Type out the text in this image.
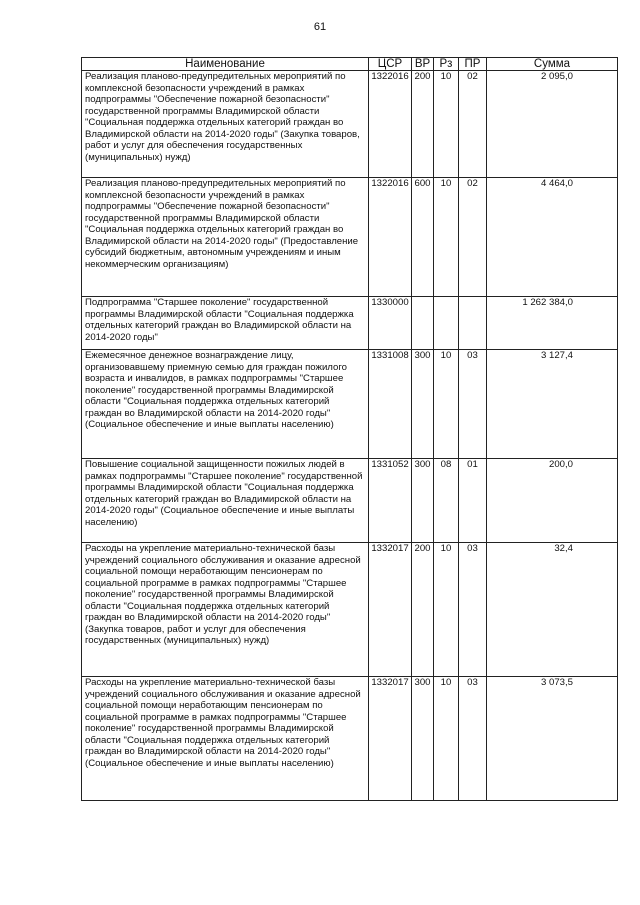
61
Наименование	ЦСР	ВР	Рз	ПР	Сумма
Реализация планово-предупредительных мероприятий по комплексной безопасности учреждений в рамках подпрограммы "Обеспечение пожарной безопасности" государственной программы Владимирской области "Социальная поддержка отдельных категорий граждан во Владимирской области на 2014-2020 годы" (Закупка товаров, работ и услуг для обеспечения государственных (муниципальных) нужд)	1322016	200	10	02	2 095,0
Реализация планово-предупредительных мероприятий по комплексной безопасности учреждений в рамках подпрограммы "Обеспечение пожарной безопасности" государственной программы Владимирской области "Социальная поддержка отдельных категорий граждан во Владимирской области на 2014-2020 годы" (Предоставление субсидий бюджетным, автономным учреждениям и иным некоммерческим организациям)	1322016	600	10	02	4 464,0
Подпрограмма "Старшее поколение" государственной программы Владимирской области "Социальная поддержка отдельных категорий граждан во Владимирской области на 2014-2020 годы"	1330000				1 262 384,0
Ежемесячное денежное вознаграждение лицу, организовавшему приемную семью для граждан пожилого возраста и инвалидов, в рамках подпрограммы "Старшее поколение" государственной программы Владимирской области "Социальная поддержка отдельных категорий граждан во Владимирской области на 2014-2020 годы" (Социальное обеспечение и иные выплаты населению)	1331008	300	10	03	3 127,4
Повышение социальной защищенности пожилых людей в рамках подпрограммы "Старшее поколение" государственной программы Владимирской области "Социальная поддержка отдельных категорий граждан во Владимирской области на 2014-2020 годы" (Социальное обеспечение и иные выплаты населению)	1331052	300	08	01	200,0
Расходы на укрепление материально-технической базы учреждений социального обслуживания и оказание адресной социальной помощи неработающим пенсионерам по социальной программе в рамках подпрограммы "Старшее поколение" государственной программы Владимирской области "Социальная поддержка отдельных категорий граждан во Владимирской области на 2014-2020 годы" (Закупка товаров, работ и услуг для обеспечения государственных (муниципальных) нужд)	1332017	200	10	03	32,4
Расходы на укрепление материально-технической базы учреждений социального обслуживания и оказание адресной социальной помощи неработающим пенсионерам по социальной программе в рамках подпрограммы "Старшее поколение" государственной программы Владимирской области "Социальная поддержка отдельных категорий граждан во Владимирской области на 2014-2020 годы" (Социальное обеспечение и иные выплаты населению)	1332017	300	10	03	3 073,5
